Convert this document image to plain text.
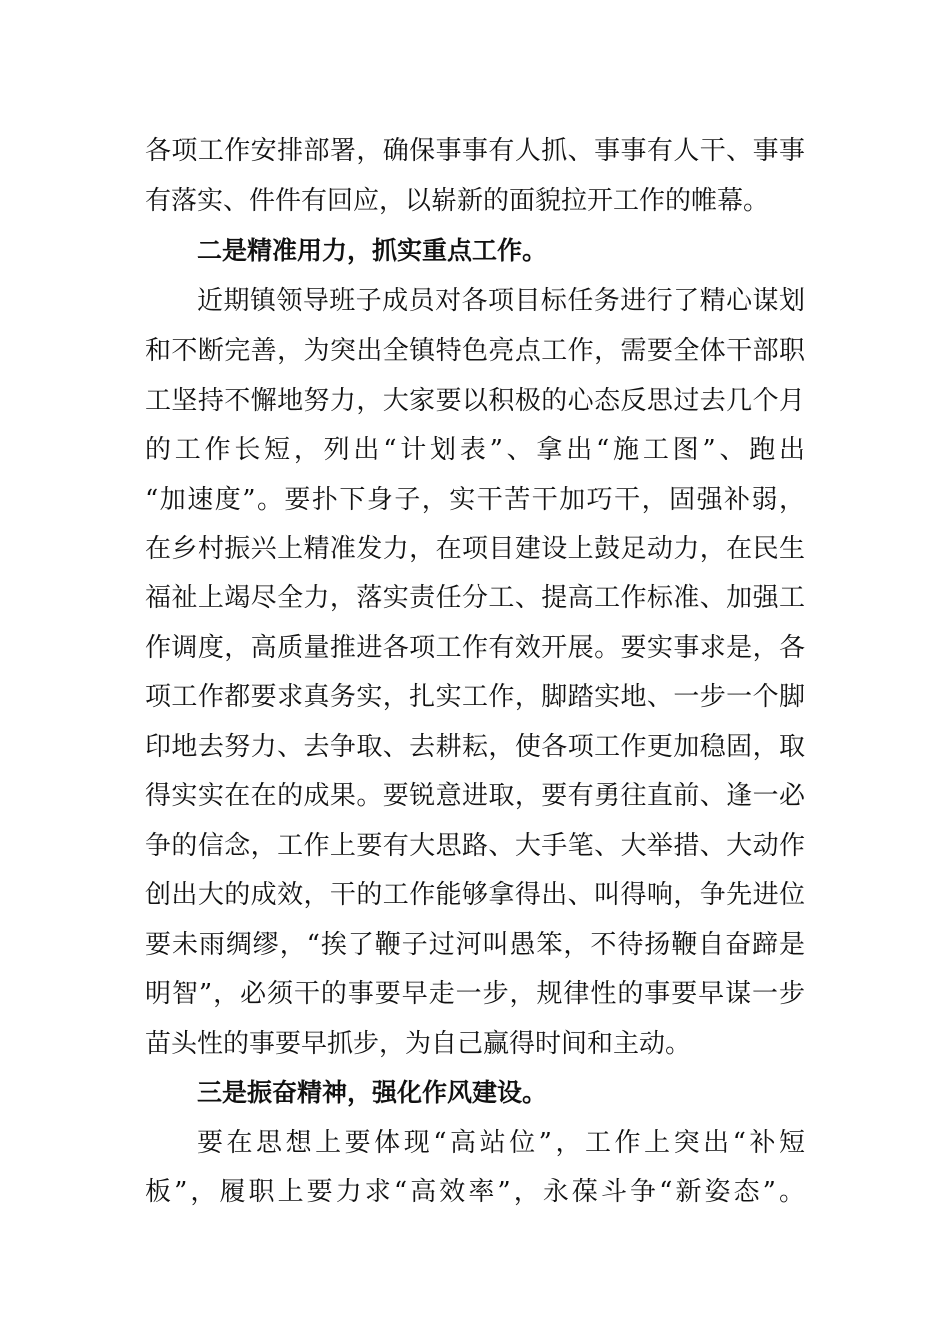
各项工作安排部署，确保事事有人抓、事事有人干、事事
有落实、件件有回应，以崭新的面貌拉开工作的帷幕。
二是精准用力，抓实重点工作。
近期镇领导班子成员对各项目标任务进行了精心谋划
和不断完善，为突出全镇特色亮点工作，需要全体干部职
工坚持不懈地努力，大家要以积极的心态反思过去几个月
的工作长短，列出“计划表”、拿出“施工图”、跑出
“加速度”。要扑下身子，实干苦干加巧干，固强补弱，
在乡村振兴上精准发力，在项目建设上鼓足动力，在民生
福祉上竭尽全力，落实责任分工、提高工作标准、加强工
作调度，高质量推进各项工作有效开展。要实事求是，各
项工作都要求真务实，扎实工作，脚踏实地、一步一个脚
印地去努力、去争取、去耕耘，使各项工作更加稳固，取
得实实在在的成果。要锐意进取，要有勇往直前、逢一必
争的信念，工作上要有大思路、大手笔、大举措、大动作
创出大的成效，干的工作能够拿得出、叫得响，争先进位
要未雨绸缪，“挨了鞭子过河叫愚笨，不待扬鞭自奋蹄是
明智”，必须干的事要早走一步，规律性的事要早谋一步
苗头性的事要早抓步，为自己赢得时间和主动。
三是振奋精神，强化作风建设。
要在思想上要体现“高站位”，工作上突出“补短
板”，履职上要力求“高效率”，永葆斗争“新姿态”。
